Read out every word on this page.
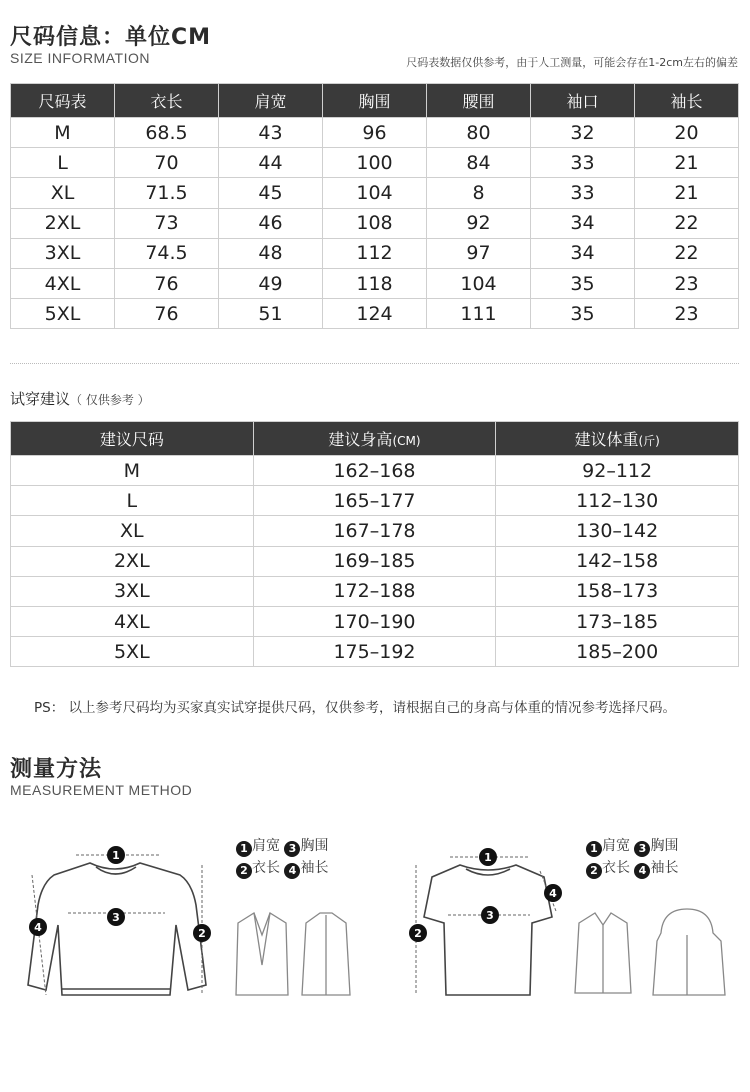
尺码信息：单位CM
SIZE INFORMATION	尺码表数据仅供参考，由于人工测量，可能会存在1-2cm左右的偏差
尺码表	衣长	肩宽	胸围	腰围	袖口	袖长
M	68.5	43	96	80	32	20
L	70	44	100	84	33	21
XL	71.5	45	104	8	33	21
2XL	73	46	108	92	34	22
3XL	74.5	48	112	97	34	22
4XL	76	49	118	104	35	23
5XL	76	51	124	111	35	23
试穿建议（ 仅供参考 ）
建议尺码	建议身高(CM)	建议体重(斤)
M	162–168	92–112
L	165–177	112–130
XL	167–178	130–142
2XL	169–185	142–158
3XL	172–188	158–173
4XL	170–190	173–185
5XL	175–192	185–200
PS： 以上参考尺码均为买家真实试穿提供尺码，仅供参考，请根据自己的身高与体重的情况参考选择尺码。
测量方法
MEASUREMENT METHOD
1 肩宽 3 胸围
2 衣长 4 袖长
1 肩宽 3 胸围
2 衣长 4 袖长
1
2
3
4
1
2
3
4
